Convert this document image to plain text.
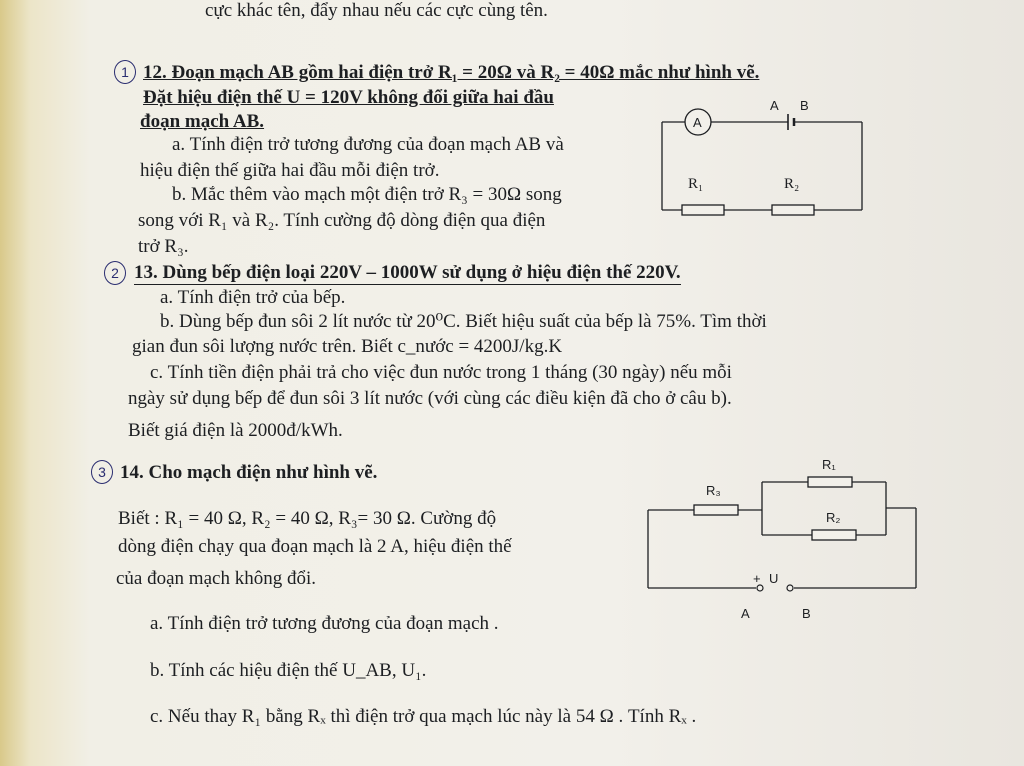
cực khác tên, đẩy nhau nếu các cực cùng tên.
1 12. Đoạn mạch AB gồm hai điện trở R₁ = 20Ω và R₂ = 40Ω mắc như hình vẽ.
Đặt hiệu điện thế U = 120V không đổi giữa hai đầu
đoạn mạch AB.
a. Tính điện trở tương đương của đoạn mạch AB và
hiệu điện thế giữa hai đầu mỗi điện trở.
b. Mắc thêm vào mạch một điện trở R₃ = 30Ω song
song với R₁ và R₂. Tính cường độ dòng điện qua điện
trở R₃.
2 13. Dùng bếp điện loại 220V – 1000W sử dụng ở hiệu điện thế 220V.
a. Tính điện trở của bếp.
b. Dùng bếp đun sôi 2 lít nước từ 20⁰C. Biết hiệu suất của bếp là 75%. Tìm thời
gian đun sôi lượng nước trên. Biết c_nước = 4200J/kg.K
c. Tính tiền điện phải trả cho việc đun nước trong 1 tháng (30 ngày) nếu mỗi
ngày sử dụng bếp để đun sôi 3 lít nước (với cùng các điều kiện đã cho ở câu b).
Biết giá điện là 2000đ/kWh.
3 14. Cho mạch điện như hình vẽ.
Biết : R₁ = 40 Ω, R₂ = 40 Ω, R₃= 30 Ω. Cường độ
dòng điện chạy qua đoạn mạch là 2 A, hiệu điện thế
của đoạn mạch không đổi.
a. Tính điện trở tương đương của đoạn mạch .
b. Tính các hiệu điện thế U_AB, U₁.
c. Nếu thay R₁ bằng Rₓ thì điện trở qua mạch lúc này là 54 Ω . Tính Rₓ .
A
A B
R₁	R₂
R₁
R₃
R₂
+ U
A	B
